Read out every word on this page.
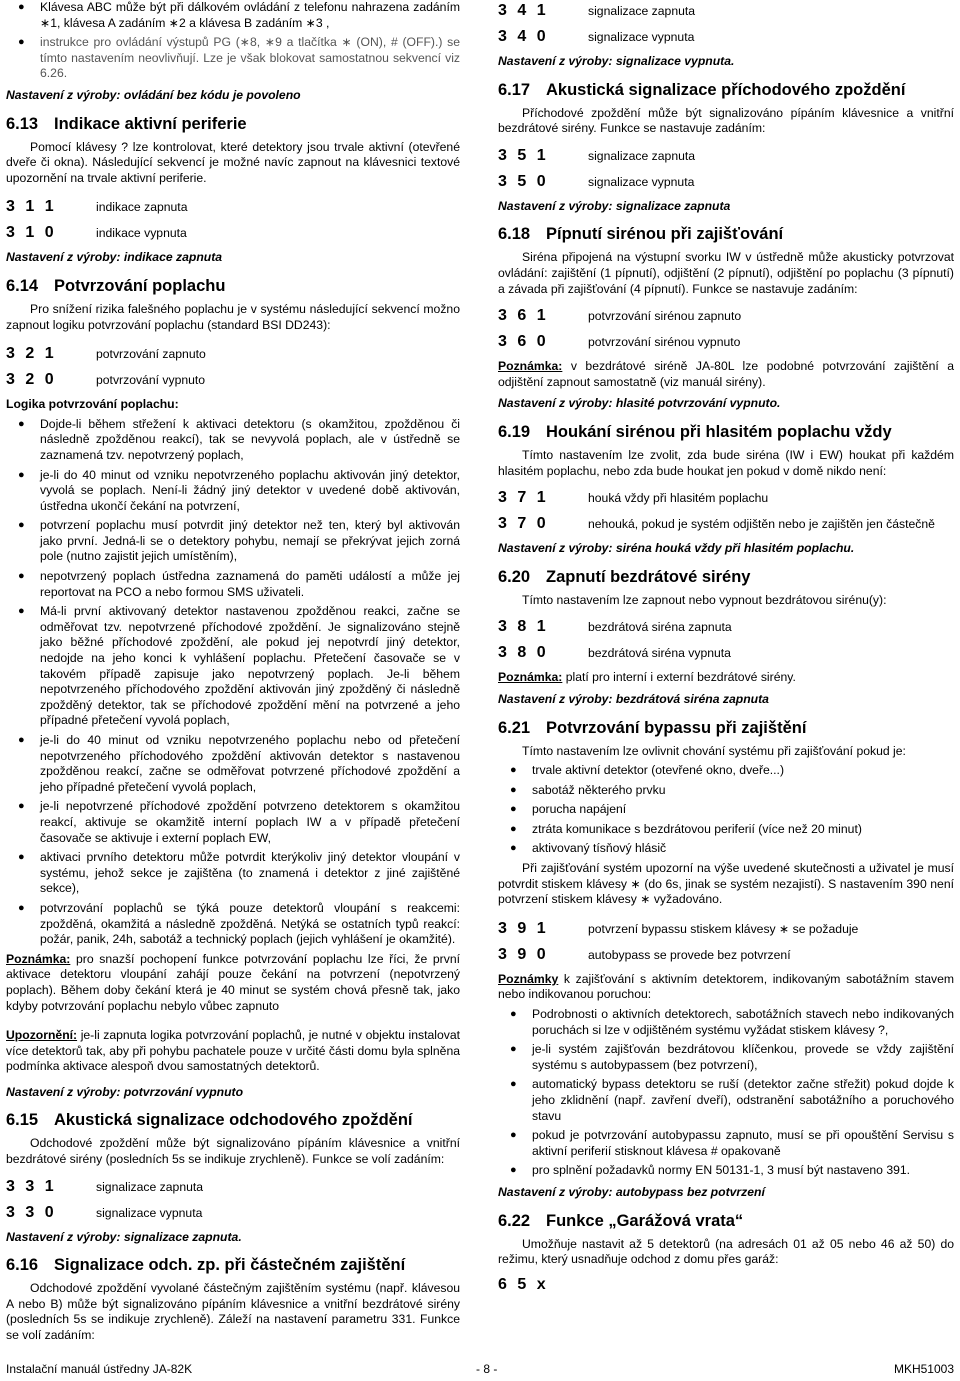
● Klávesa ABC může být při dálkovém ovládání z telefonu nahrazena zadáním ∗1, klávesa A zadáním ∗2 a klávesa B zadáním ∗3 ,
● instrukce pro ovládání výstupů PG (∗8, ∗9 a tlačítka ∗ (ON), # (OFF).) se tímto nastavením neovlivňují. Lze je však blokovat samostatnou sekvencí viz 6.26.

Nastavení z výroby: ovládání bez kódu je povoleno

6.13 Indikace aktivní periferie

Pomocí klávesy ? lze kontrolovat, které detektory jsou trvale aktivní (otevřené dveře či okna). Následující sekvencí je možné navíc zapnout na klávesnici textové upozornění na trvale aktivní periferie.

3 1 1	indikace zapnuta
3 1 0	indikace vypnuta

Nastavení z výroby: indikace zapnuta

6.14 Potvrzování poplachu

Pro snížení rizika falešného poplachu je v systému následující sekvencí možno zapnout logiku potvrzování poplachu (standard BSI DD243):

3 2 1	potvrzování zapnuto
3 2 0	potvrzování vypnuto

Logika potvrzování poplachu:

● Dojde-li během střežení k aktivaci detektoru (s okamžitou, zpožděnou či následně zpožděnou reakcí), tak se nevyvolá poplach, ale v ústředně se zaznamená tzv. nepotvrzený poplach,
● je-li do 40 minut od vzniku nepotvrzeného poplachu aktivován jiný detektor, vyvolá se poplach. Není-li žádný jiný detektor v uvedené době aktivován, ústředna ukončí čekání na potvrzení,
● potvrzení poplachu musí potvrdit jiný detektor než ten, který byl aktivován jako první. Jedná-li se o detektory pohybu, nemají se překrývat jejich zorná pole (nutno zajistit jejich umístěním),
● nepotvrzený poplach ústředna zaznamená do paměti událostí a může jej reportovat na PCO a nebo formou SMS uživateli.
● Má-li první aktivovaný detektor nastavenou zpožděnou reakci, začne se odměřovat tzv. nepotvrzené příchodové zpoždění. Je signalizováno stejně jako běžné příchodové zpoždění, ale pokud jej nepotvrdí jiný detektor, nedojde na jeho konci k vyhlášení poplachu. Přetečení časovače se v takovém případě zapisuje jako nepotvrzený poplach. Je-li během nepotvrzeného příchodového zpoždění aktivován jiný zpožděný či následně zpožděný detektor, tak se příchodové zpoždění mění na potvrzené a jeho případné přetečení vyvolá poplach,
● je-li do 40 minut od vzniku nepotvrzeného poplachu nebo od přetečení nepotvrzeného příchodového zpoždění aktivován detektor s nastavenou zpožděnou reakcí, začne se odměřovat potvrzené příchodové zpoždění a jeho případné přetečení vyvolá poplach,
● je-li nepotvrzené příchodové zpoždění potvrzeno detektorem s okamžitou reakcí, aktivuje se okamžitě interní poplach IW a v případě přetečení časovače se aktivuje i externí poplach EW,
● aktivaci prvního detektoru může potvrdit kterýkoliv jiný detektor vloupání v systému, jehož sekce je zajištěna (to znamená i detektor z jiné zajištěné sekce),
● potvrzování poplachů se týká pouze detektorů vloupání s reakcemi: zpožděná, okamžitá a následně zpožděná. Netýká se ostatních typů reakcí: požár, panik, 24h, sabotáž a technický poplach (jejich vyhlášení je okamžité).

Poznámka: pro snazší pochopení funkce potvrzování poplachu lze říci, že první aktivace detektoru vloupání zahájí pouze čekání na potvrzení (nepotvrzený poplach). Během doby čekání která je 40 minut se systém chová přesně tak, jako kdyby potvrzování poplachu nebylo vůbec zapnuto

Upozornění: je-li zapnuta logika potvrzování poplachů, je nutné v objektu instalovat více detektorů tak, aby při pohybu pachatele pouze v určité části domu byla splněna podmínka aktivace alespoň dvou samostatných detektorů.

Nastavení z výroby: potvrzování vypnuto

6.15 Akustická signalizace odchodového zpoždění

Odchodové zpoždění může být signalizováno pípáním klávesnice a vnitřní bezdrátové sirény (posledních 5s se indikuje zrychleně). Funkce se volí zadáním:

3 3 1	signalizace zapnuta
3 3 0	signalizace vypnuta

Nastavení z výroby: signalizace zapnuta.

6.16 Signalizace odch. zp. při částečném zajištění

Odchodové zpoždění vyvolané částečným zajištěním systému (např. klávesou A nebo B) může být signalizováno pípáním klávesnice a vnitřní bezdrátové sirény (posledních 5s se indikuje zrychleně). Záleží na nastavení parametru 331. Funkce se volí zadáním:

3 4 1	signalizace zapnuta
3 4 0	signalizace vypnuta

Nastavení z výroby: signalizace vypnuta.

6.17 Akustická signalizace příchodového zpoždění

Příchodové zpoždění může být signalizováno pípáním klávesnice a vnitřní bezdrátové sirény. Funkce se nastavuje zadáním:

3 5 1	signalizace zapnuta
3 5 0	signalizace vypnuta

Nastavení z výroby: signalizace zapnuta

6.18 Pípnutí sirénou při zajišťování

Siréna připojená na výstupní svorku IW v ústředně může akusticky potvrzovat ovládání: zajištění (1 pípnutí), odjištění (2 pípnutí), odjištění po poplachu (3 pípnutí) a závada při zajišťování (4 pípnutí). Funkce se nastavuje zadáním:

3 6 1	potvrzování sirénou zapnuto
3 6 0	potvrzování sirénou vypnuto

Poznámka: v bezdrátové siréně JA-80L lze podobné potvrzování zajištění a odjištění zapnout samostatně (viz manuál sirény).

Nastavení z výroby: hlasité potvrzování vypnuto.

6.19 Houkání sirénou při hlasitém poplachu vždy

Tímto nastavením lze zvolit, zda bude siréna (IW i EW) houkat při každém hlasitém poplachu, nebo zda bude houkat jen pokud v domě nikdo není:

3 7 1	houká vždy při hlasitém poplachu
3 7 0	nehouká, pokud je systém odjištěn nebo je zajištěn jen částečně

Nastavení z výroby: siréna houká vždy při hlasitém poplachu.

6.20 Zapnutí bezdrátové sirény

Tímto nastavením lze zapnout nebo vypnout bezdrátovou sirénu(y):

3 8 1	bezdrátová siréna zapnuta
3 8 0	bezdrátová siréna vypnuta

Poznámka: platí pro interní i externí bezdrátové sirény.

Nastavení z výroby: bezdrátová siréna zapnuta

6.21 Potvrzování bypassu při zajištění

Tímto nastavením lze ovlivnit chování systému při zajišťování pokud je:

● trvale aktivní detektor (otevřené okno, dveře...)
● sabotáž některého prvku
● porucha napájení
● ztráta komunikace s bezdrátovou periferií (více než 20 minut)
● aktivovaný tísňový hlásič

Při zajišťování systém upozorní na výše uvedené skutečnosti a uživatel je musí potvrdit stiskem klávesy ∗ (do 6s, jinak se systém nezajistí). S nastavením 390 není potvrzení stiskem klávesy ∗ vyžadováno.

3 9 1	potvrzení bypassu stiskem klávesy ∗ se požaduje
3 9 0	autobypass se provede bez potvrzení

Poznámky k zajišťování s aktivním detektorem, indikovaným sabotážním stavem nebo indikovanou poruchou:

● Podrobnosti o aktivních detektorech, sabotážních stavech nebo indikovaných poruchách si lze v odjištěném systému vyžádat stiskem klávesy ?,
● je-li systém zajišťován bezdrátovou klíčenkou, provede se vždy zajištění systému s autobypassem (bez potvrzení),
● automatický bypass detektoru se ruší (detektor začne střežit) pokud dojde k jeho zklidnění (např. zavření dveří), odstranění sabotážního a poruchového stavu
● pokud je potvrzování autobypassu zapnuto, musí se při opouštění Servisu s aktivní periferií stisknout klávesa # opakovaně
● pro splnění požadavků normy EN 50131-1, 3 musí být nastaveno 391.

Nastavení z výroby: autobypass bez potvrzení

6.22 Funkce „Garážová vrata“

Umožňuje nastavit až 5 detektorů (na adresách 01 až 05 nebo 46 až 50) do režimu, který usnadňuje odchod z domu přes garáž:

6 5 x
Instalační manuál ústředny JA-82K	- 8 -	MKH51003
